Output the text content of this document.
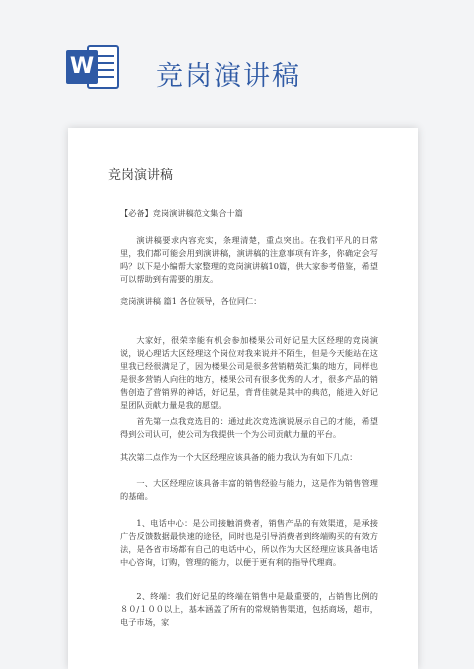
W 竞岗演讲稿
竞岗演讲稿

【必备】竞岗演讲稿范文集合十篇

演讲稿要求内容充实，条理清楚，重点突出。在我们平凡的日常里，我们都可能会用到演讲稿，演讲稿的注意事项有许多，你确定会写吗？以下是小编帮大家整理的竞岗演讲稿10篇，供大家参考借鉴，希望可以帮助到有需要的朋友。

竞岗演讲稿 篇1 各位领导，各位同仁：

大家好，很荣幸能有机会参加楼果公司好记星大区经理的竞岗演说，说心理话大区经理这个岗位对我来说并不陌生，但是今天能站在这里我已经很满足了，因为楼果公司是很多营销精英汇集的地方，同样也是很多营销人向往的地方，楼果公司有很多优秀的人才，很多产品的销售创造了营销界的神话，好记星，背背佳就是其中的典范，能进入好记星团队贡献力量是我的愿望。

首先第一点我竞选目的：通过此次竞选演说展示自己的才能，希望得到公司认可，使公司为我提供一个为公司贡献力量的平台。

其次第二点作为一个大区经理应该具备的能力我认为有如下几点：

一、大区经理应该具备丰富的销售经验与能力，这是作为销售管理的基础。

1、电话中心：是公司接触消费者，销售产品的有效渠道，是承接广告反馈数据最快速的途径，同时也是引导消费者到终端购买的有效方法，是各省市场都有自己的电话中心，所以作为大区经理应该具备电话中心咨询，订购，管理的能力，以便于更有利的指导代理商。

2、终端：我们好记星的终端在销售中是最重要的，占销售比例的８０/１００以上，基本涵盖了所有的常规销售渠道，包括商场，超市，电子市场，家
